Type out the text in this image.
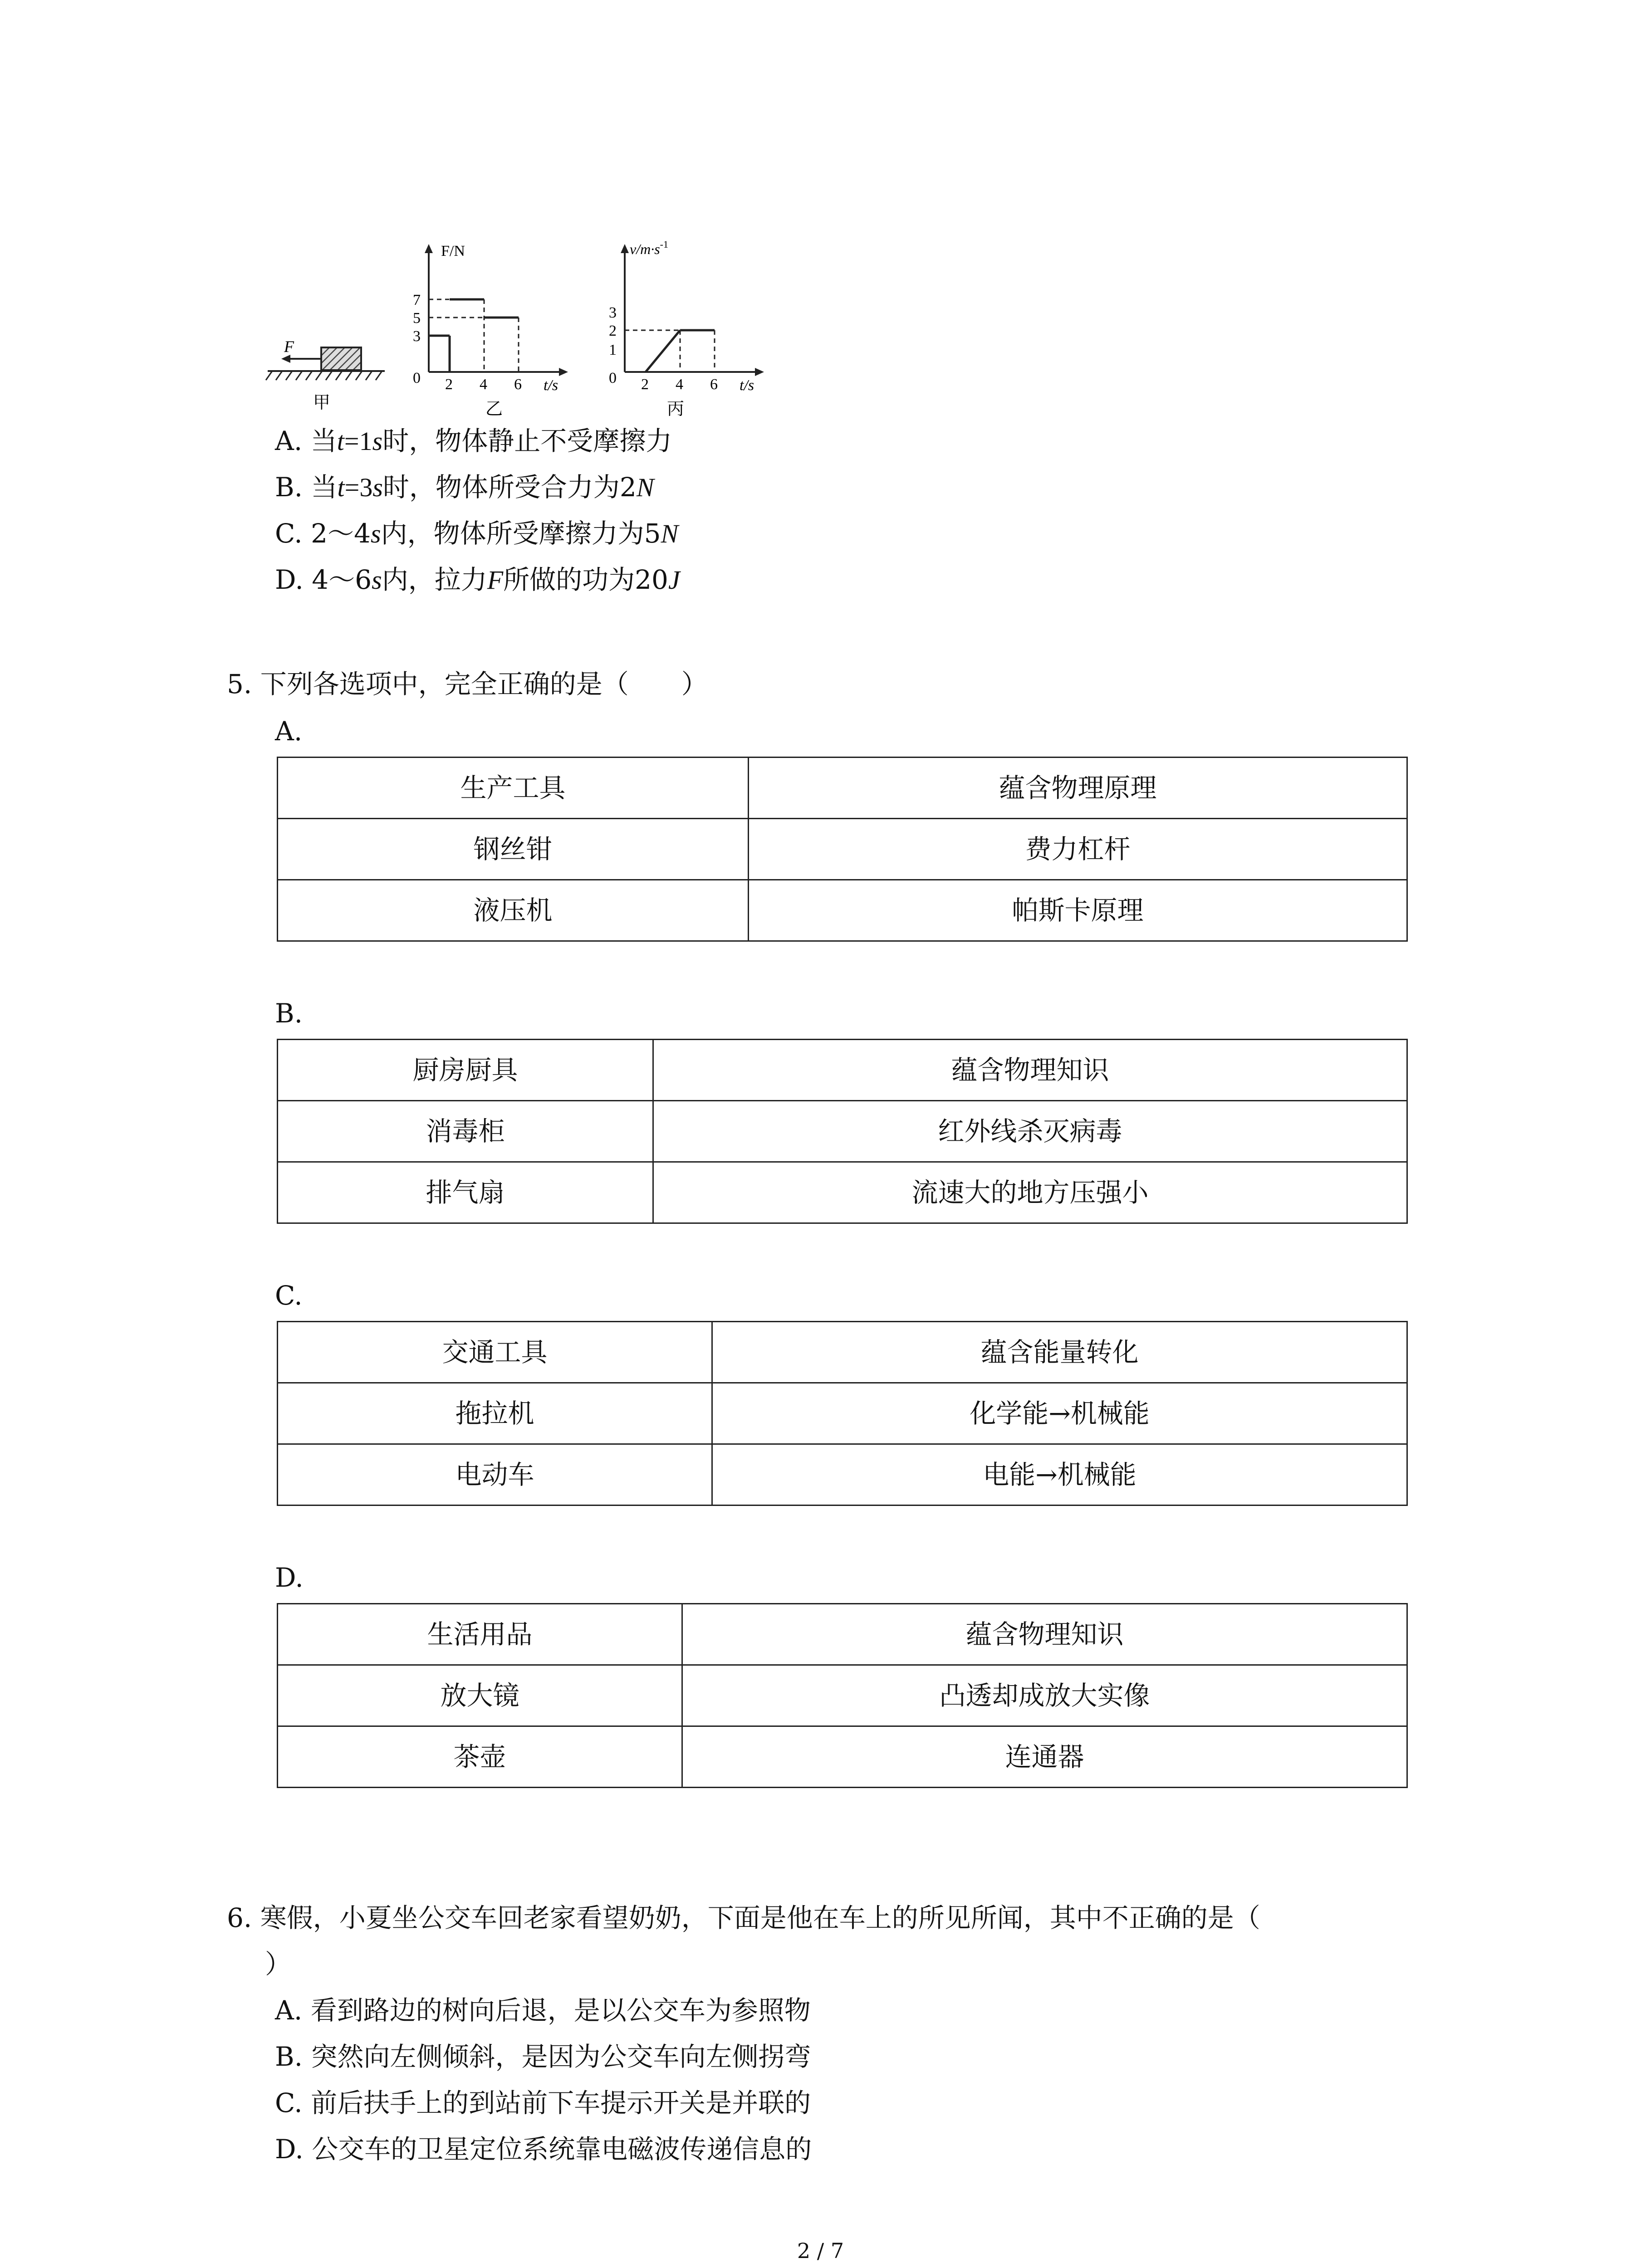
F
甲
F/N
7
5
3
0 2 4 6 t/s
乙
$v/m\cdot s^{-1}$
3
2
1
0 2 4 6 t/s
丙
A. 当t=1s时，物体静止不受摩擦力
B. 当t=3s时，物体所受合力为2N
C. 2～4s内，物体所受摩擦力为5N
D. 4～6s内，拉力F所做的功为20J
5. 下列各选项中，完全正确的是（　　）
A.
生产工具	蕴含物理原理
钢丝钳	费力杠杆
液压机	帕斯卡原理
B.
厨房厨具	蕴含物理知识
消毒柜	红外线杀灭病毒
排气扇	流速大的地方压强小
C.
交通工具	蕴含能量转化
拖拉机	化学能→机械能
电动车	电能→机械能
D.
生活用品	蕴含物理知识
放大镜	凸透却成放大实像
茶壶	连通器
6. 寒假，小夏坐公交车回老家看望奶奶，下面是他在车上的所见所闻，其中不正确的是（
）
A. 看到路边的树向后退，是以公交车为参照物
B. 突然向左侧倾斜，是因为公交车向左侧拐弯
C. 前后扶手上的到站前下车提示开关是并联的
D. 公交车的卫星定位系统靠电磁波传递信息的
2 / 7
